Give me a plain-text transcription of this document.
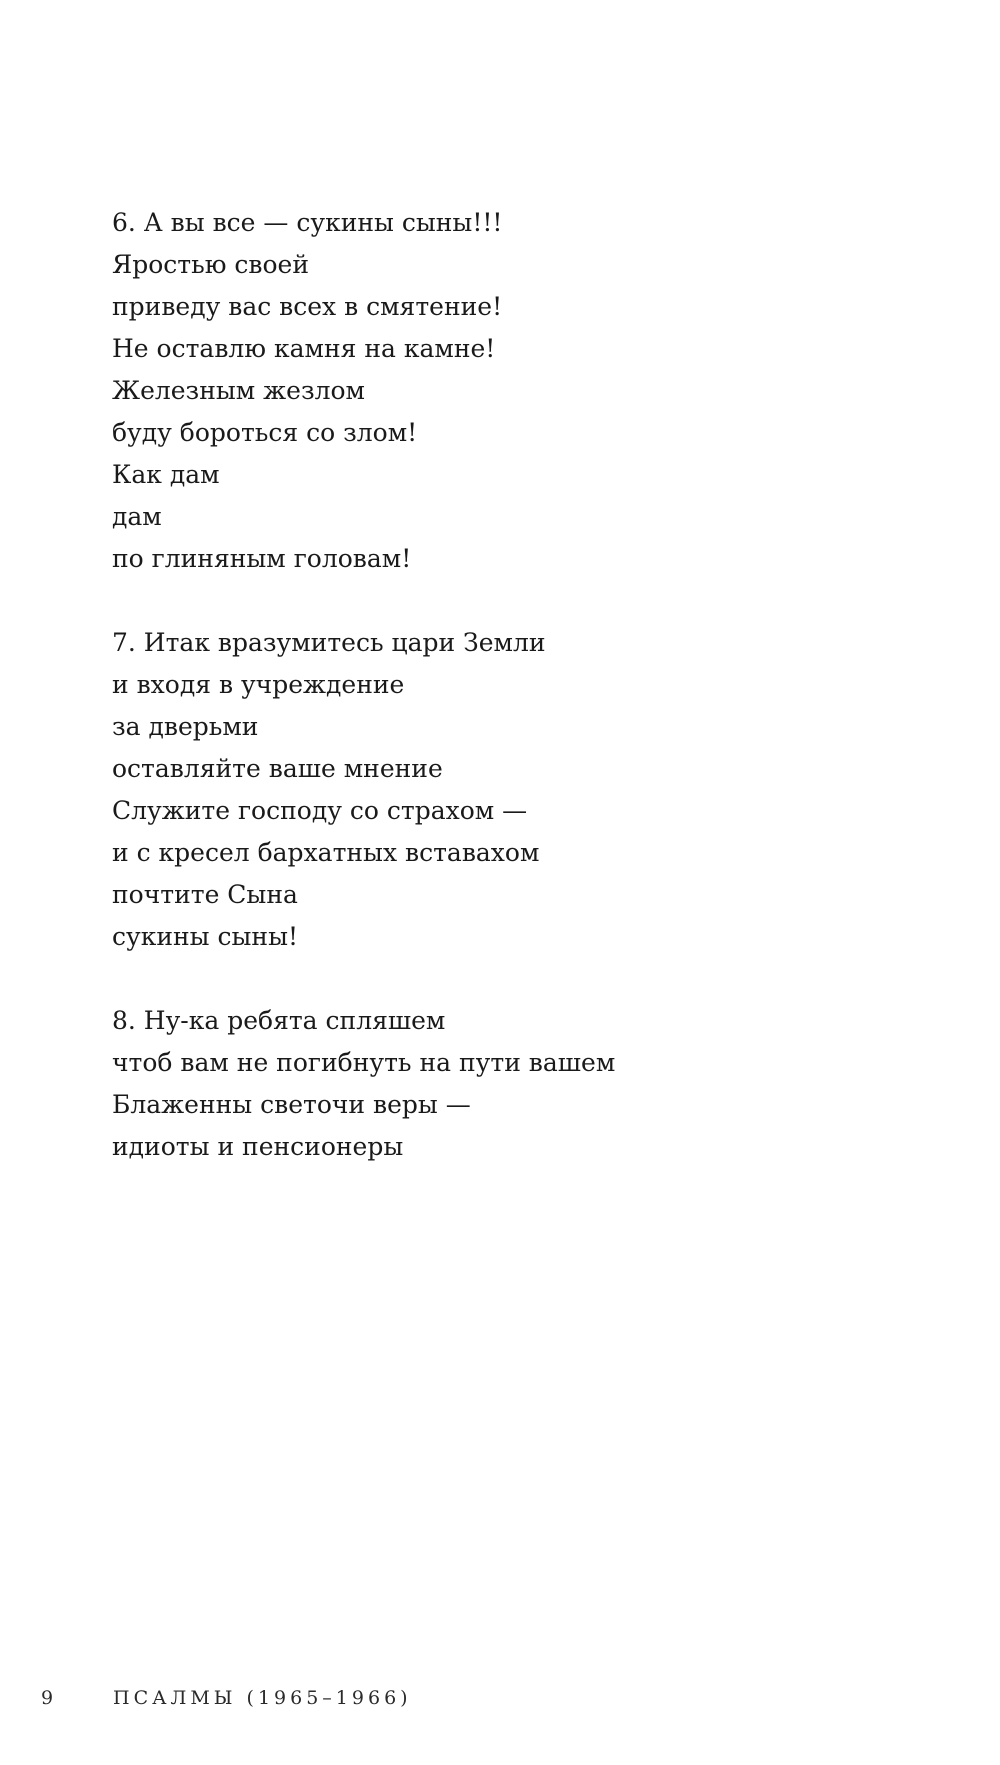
6. А вы все — сукины сыны!!!
Яростью своей
приведу вас всех в смятение!
Не оставлю камня на камне!
Железным жезлом
буду бороться со злом!
Как дам
дам
по глиняным головам!
7. Итак вразумитесь цари Земли
и входя в учреждение
за дверьми
оставляйте ваше мнение
Служите господу со страхом —
и с кресел бархатных вставахом
почтите Сына
сукины сыны!
8. Ну-ка ребята спляшем
чтоб вам не погибнуть на пути вашем
Блаженны светочи веры —
идиоты и пенсионеры
9	ПСАЛМЫ (1965–1966)
